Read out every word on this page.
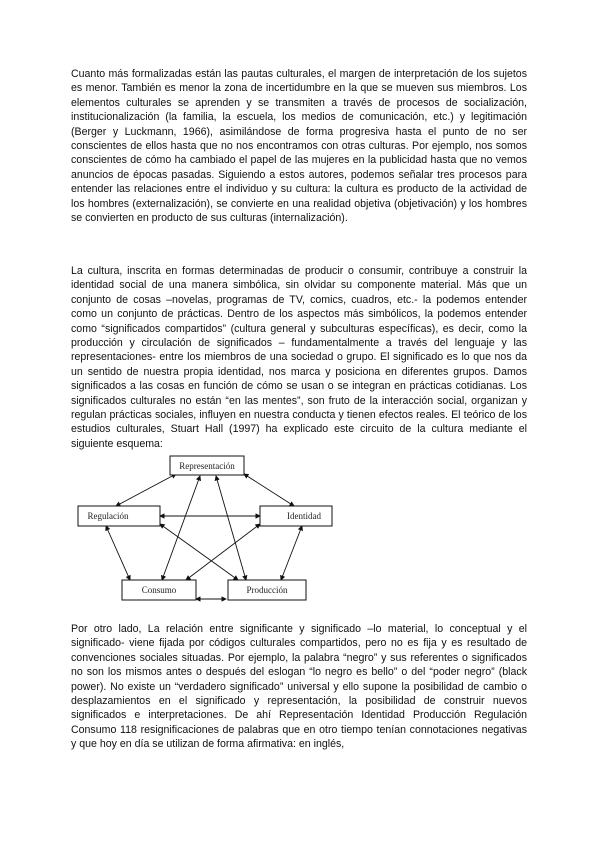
Cuanto más formalizadas están las pautas culturales, el margen de interpretación de los sujetos es menor. También es menor la zona de incertidumbre en la que se mueven sus miembros. Los elementos culturales se aprenden y se transmiten a través de procesos de socialización, institucionalización (la familia, la escuela, los medios de comunicación, etc.) y legitimación (Berger y Luckmann, 1966), asimilándose de forma progresiva hasta el punto de no ser conscientes de ellos hasta que no nos encontramos con otras culturas. Por ejemplo, nos somos conscientes de cómo ha cambiado el papel de las mujeres en la publicidad hasta que no vemos anuncios de épocas pasadas. Siguiendo a estos autores, podemos señalar tres procesos para entender las relaciones entre el individuo y su cultura: la cultura es producto de la actividad de los hombres (externalización), se convierte en una realidad objetiva (objetivación) y los hombres se convierten en producto de sus culturas (internalización).

La cultura, inscrita en formas determinadas de producir o consumir, contribuye a construir la identidad social de una manera simbólica, sin olvidar su componente material. Más que un conjunto de cosas –novelas, programas de TV, comics, cuadros, etc.- la podemos entender como un conjunto de prácticas. Dentro de los aspectos más simbólicos, la podemos entender como “significados compartidos” (cultura general y subculturas específicas), es decir, como la producción y circulación de significados – fundamentalmente a través del lenguaje y las representaciones- entre los miembros de una sociedad o grupo. El significado es lo que nos da un sentido de nuestra propia identidad, nos marca y posiciona en diferentes grupos. Damos significados a las cosas en función de cómo se usan o se integran en prácticas cotidianas. Los significados culturales no están “en las mentes”, son fruto de la interacción social, organizan y regulan prácticas sociales, influyen en nuestra conducta y tienen efectos reales. El teórico de los estudios culturales, Stuart Hall (1997) ha explicado este circuito de la cultura mediante el siguiente esquema:

Representación
Regulación	Identidad
Consumo	Producción

Por otro lado, La relación entre significante y significado –lo material, lo conceptual y el significado- viene fijada por códigos culturales compartidos, pero no es fija y es resultado de convenciones sociales situadas. Por ejemplo, la palabra “negro” y sus referentes o significados no son los mismos antes o después del eslogan “lo negro es bello” o del “poder negro” (black power). No existe un “verdadero significado” universal y ello supone la posibilidad de cambio o desplazamientos en el significado y representación, la posibilidad de construir nuevos significados e interpretaciones. De ahí Representación Identidad Producción Regulación Consumo 118 resignificaciones de palabras que en otro tiempo tenían connotaciones negativas y que hoy en día se utilizan de forma afirmativa: en inglés,
